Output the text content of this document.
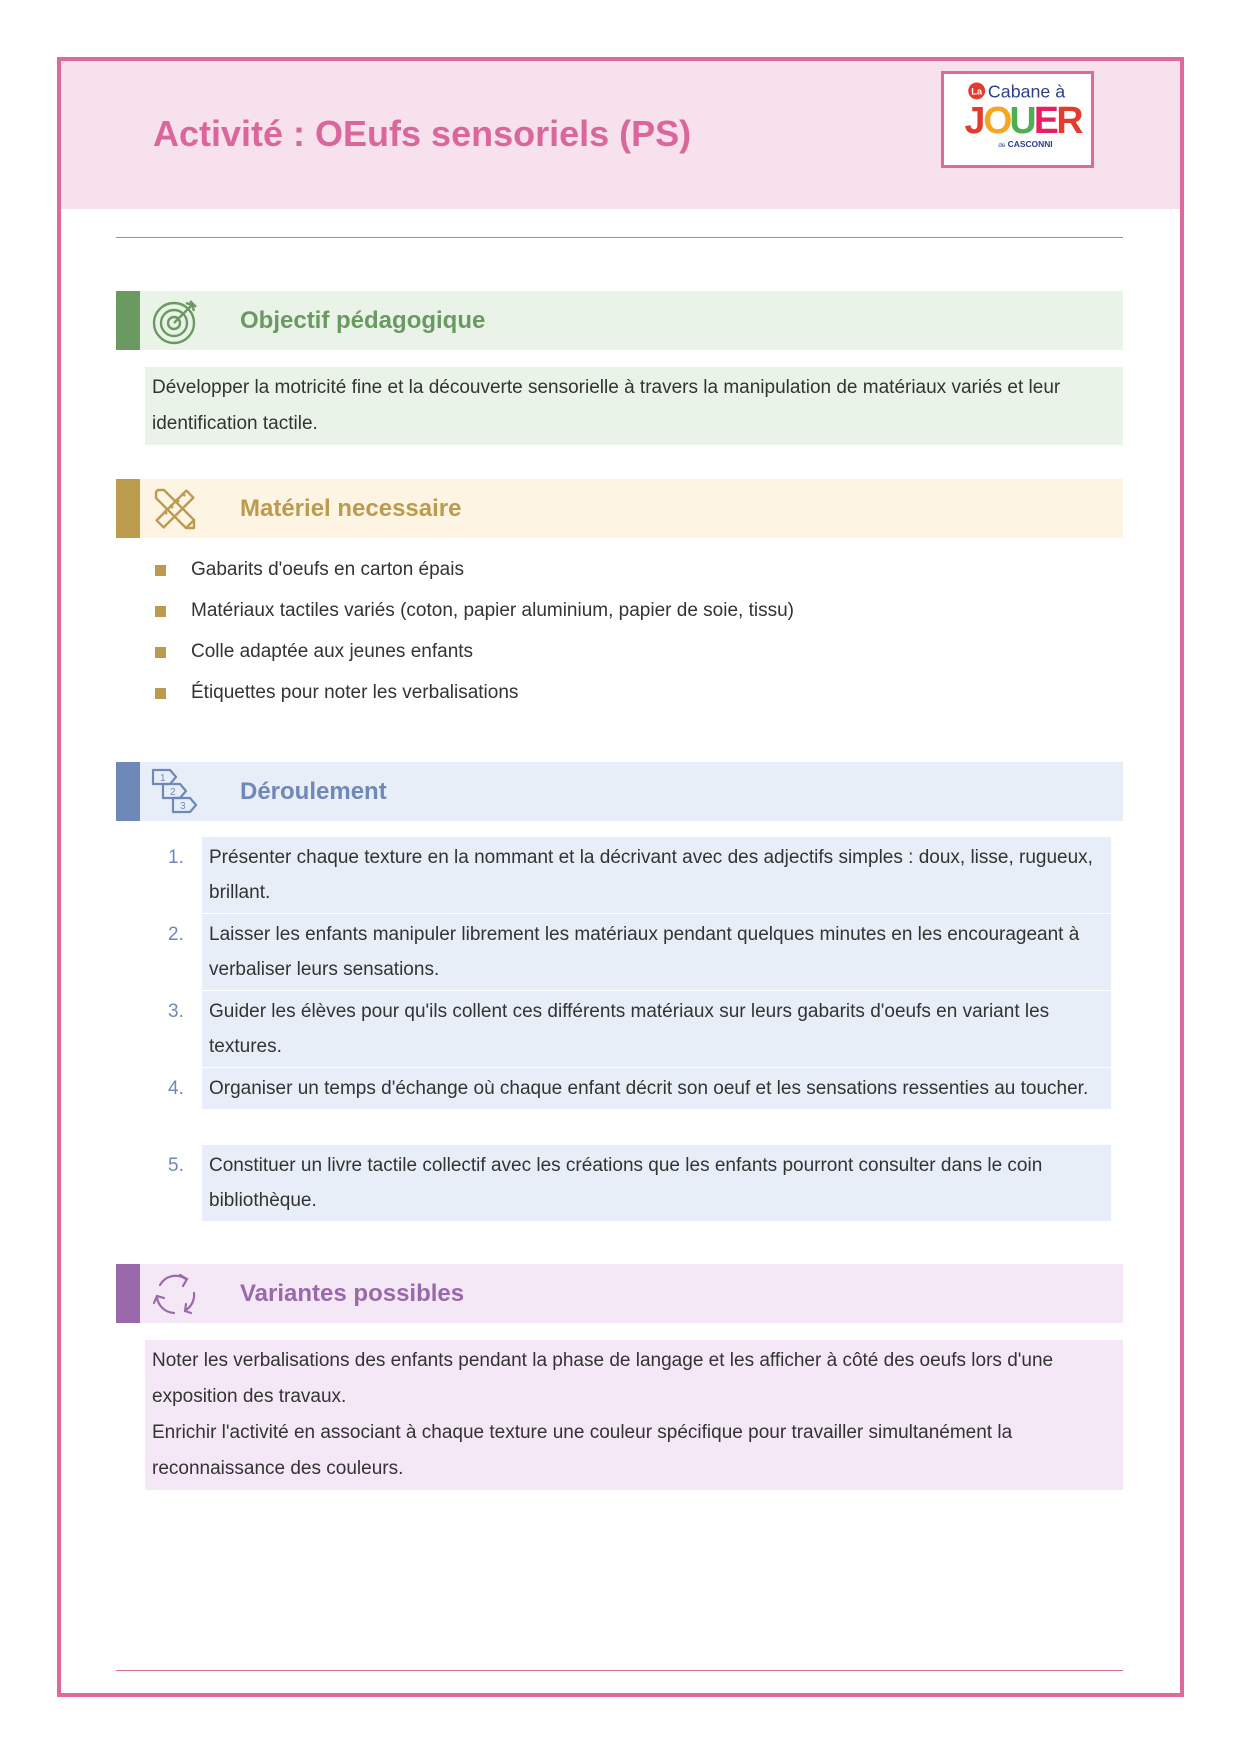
Activité : OEufs sensoriels (PS)
La Cabane à
J
O
U
E
R
de CASCONNI
Objectif pédagogique
Développer la motricité fine et la découverte sensorielle à travers la manipulation de matériaux variés et leur identification tactile.
Matériel necessaire
Gabarits d'oeufs en carton épais
Matériaux tactiles variés (coton, papier aluminium, papier de soie, tissu)
Colle adaptée aux jeunes enfants
Étiquettes pour noter les verbalisations
1
2
3
Déroulement
1.	Présenter chaque texture en la nommant et la décrivant avec des adjectifs simples : doux, lisse, rugueux, brillant.
2.	Laisser les enfants manipuler librement les matériaux pendant quelques minutes en les encourageant à verbaliser leurs sensations.
3.	Guider les élèves pour qu'ils collent ces différents matériaux sur leurs gabarits d'oeufs en variant les textures.
4.	Organiser un temps d'échange où chaque enfant décrit son oeuf et les sensations ressenties au toucher.
5.	Constituer un livre tactile collectif avec les créations que les enfants pourront consulter dans le coin bibliothèque.
Variantes possibles
Noter les verbalisations des enfants pendant la phase de langage et les afficher à côté des oeufs lors d'une exposition des travaux.
Enrichir l'activité en associant à chaque texture une couleur spécifique pour travailler simultanément la reconnaissance des couleurs.
